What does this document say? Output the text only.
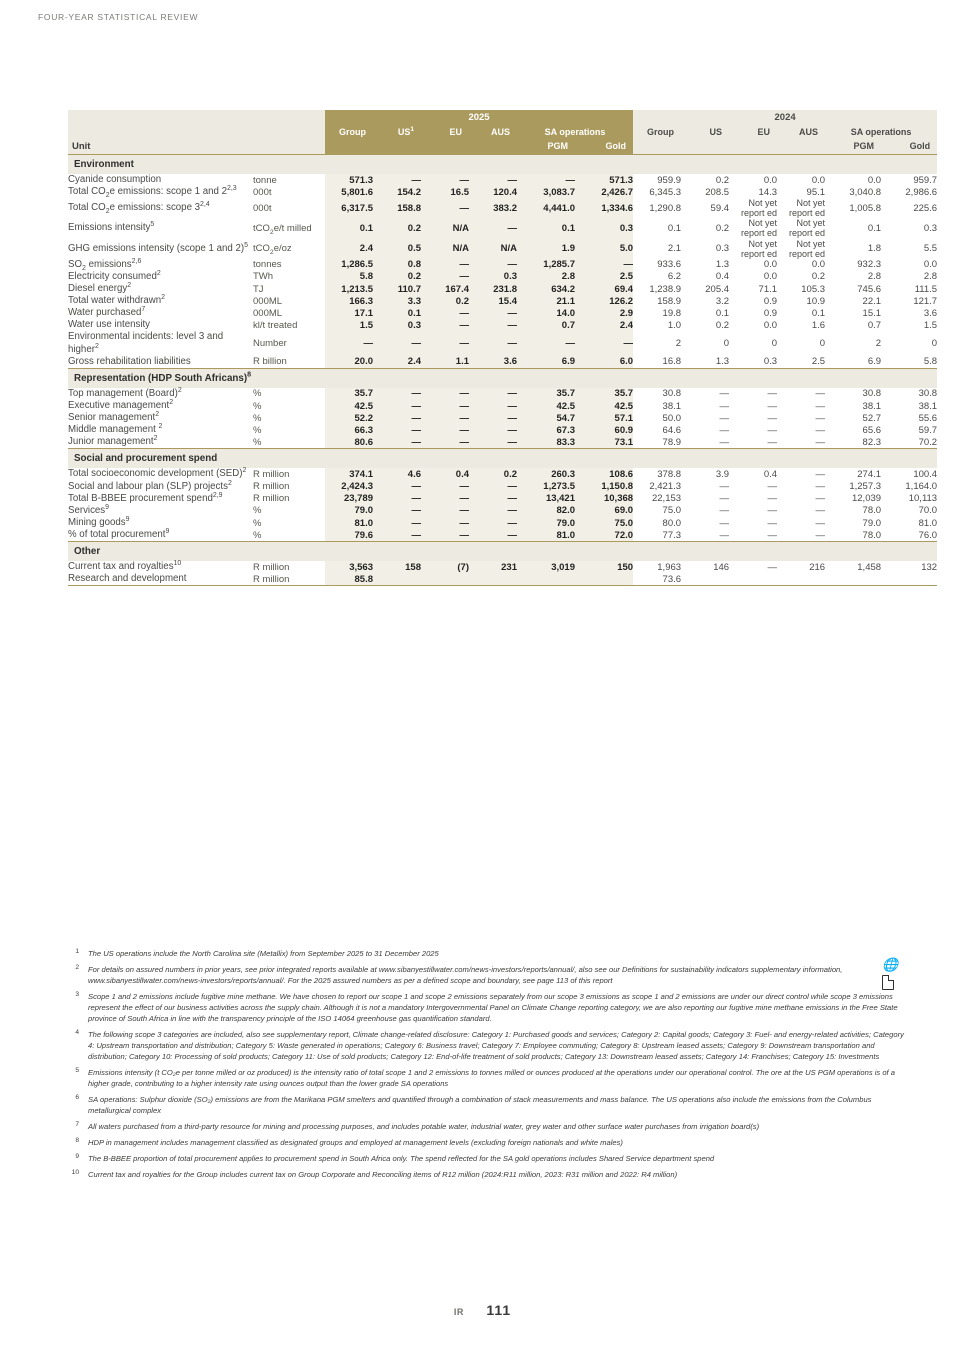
FOUR-YEAR STATISTICAL REVIEW
		2025						2024					
		Group	$US^1$	EU	AUS	SA operations		Group	US	EU	AUS	SA operations	
Unit						PGM	Gold					PGM	Gold
Environment													
Cyanide consumption	tonne	571.3	—	—	—	—	571.3	959.9	0.2	0.0	0.0	0.0	959.7
Total $CO_2e$ emissions: scope 1 and 2$^{2,3}$	000t	5,801.6	154.2	16.5	120.4	3,083.7	2,426.7	6,345.3	208.5	14.3	95.1	3,040.8	2,986.6
Total $CO_2e$ emissions: scope 3$^{2,4}$	000t	6,317.5	158.8	—	383.2	4,441.0	1,334.6	1,290.8	59.4	Not yet report ed	Not yet report ed	1,005.8	225.6
Emissions intensity$^5$	tCO$_2$e/t milled	0.1	0.2	N/A	—	0.1	0.3	0.1	0.2	Not yet report ed	Not yet report ed	0.1	0.3
GHG emissions intensity (scope 1 and 2)$^5$	tCO$_2$e/oz	2.4	0.5	N/A	N/A	1.9	5.0	2.1	0.3	Not yet report ed	Not yet report ed	1.8	5.5
$SO_2$ emissions$^{2,6}$	tonnes	1,286.5	0.8	—	—	1,285.7	—	933.6	1.3	0.0	0.0	932.3	0.0
Electricity consumed$^2$	TWh	5.8	0.2	—	0.3	2.8	2.5	6.2	0.4	0.0	0.2	2.8	2.8
Diesel energy$^2$	TJ	1,213.5	110.7	167.4	231.8	634.2	69.4	1,238.9	205.4	71.1	105.3	745.6	111.5
Total water withdrawn$^2$	000ML	166.3	3.3	0.2	15.4	21.1	126.2	158.9	3.2	0.9	10.9	22.1	121.7
Water purchased$^7$	000ML	17.1	0.1	—	—	14.0	2.9	19.8	0.1	0.9	0.1	15.1	3.6
Water use intensity	kl/t treated	1.5	0.3	—	—	0.7	2.4	1.0	0.2	0.0	1.6	0.7	1.5
Environmental incidents: level 3 and higher$^2$	Number	—	—	—	—	—	—	2	0	0	0	2	0
Gross rehabilitation liabilities	R billion	20.0	2.4	1.1	3.6	6.9	6.0	16.8	1.3	0.3	2.5	6.9	5.8
Representation (HDP South Africans)$^8$	
Top management (Board)$^2$	%	35.7	—	—	—	35.7	35.7	30.8	—	—	—	30.8	30.8
Executive management$^2$	%	42.5	—	—	—	42.5	42.5	38.1	—	—	—	38.1	38.1
Senior management$^2$	%	52.2	—	—	—	54.7	57.1	50.0	—	—	—	52.7	55.6
Middle management $^2$	%	66.3	—	—	—	67.3	60.9	64.6	—	—	—	65.6	59.7
Junior management$^2$	%	80.6	—	—	—	83.3	73.1	78.9	—	—	—	82.3	70.2
Social and procurement spend													
Total socioeconomic development (SED)$^2$	R million	374.1	4.6	0.4	0.2	260.3	108.6	378.8	3.9	0.4	—	274.1	100.4
Social and labour plan (SLP) projects$^2$	R million	2,424.3	—	—	—	1,273.5	1,150.8	2,421.3	—	—	—	1,257.3	1,164.0
Total B-BBEE procurement spend$^{2,9}$	R million	23,789	—	—	—	13,421	10,368	22,153	—	—	—	12,039	10,113
Services$^9$	%	79.0	—	—	—	82.0	69.0	75.0	—	—	—	78.0	70.0
Mining goods$^9$	%	81.0	—	—	—	79.0	75.0	80.0	—	—	—	79.0	81.0
% of total procurement$^9$	%	79.6	—	—	—	81.0	72.0	77.3	—	—	—	78.0	76.0
Other													
Current tax and royalties$^{10}$	R million	3,563	158	(7)	231	3,019	150	1,963	146	—	216	1,458	132
Research and development	R million	85.8						73.6					
🌐
1	The US operations include the North Carolina site (Metallix) from September 2025 to 31 December 2025
2	For details on assured numbers in prior years, see prior integrated reports available at www.sibanyestillwater.com/news-investors/reports/annual/, also see our Definitions for sustainability indicators supplementary information, www.sibanyestillwater.com/news-investors/reports/annual/. For the 2025 assured numbers as per a defined scope and boundary, see page 113 of this report
3	Scope 1 and 2 emissions include fugitive mine methane. We have chosen to report our scope 1 and scope 2 emissions separately from our scope 3 emissions as scope 1 and 2 emissions are under our direct control while scope 3 emissions represent the effect of our business activities across the supply chain. Although it is not a mandatory Intergovernmental Panel on Climate Change reporting category, we are also reporting our fugitive mine methane emissions in the Free State province of South Africa in line with the transparency principle of the ISO 14064 greenhouse gas quantification standard.
4	The following scope 3 categories are included, also see supplementary report, Climate change-related disclosure: Category 1: Purchased goods and services; Category 2: Capital goods; Category 3: Fuel- and energy-related activities; Category 4: Upstream transportation and distribution; Category 5: Waste generated in operations; Category 6: Business travel; Category 7: Employee commuting; Category 8: Upstream leased assets; Category 9: Downstream transportation and distribution; Category 10: Processing of sold products; Category 11: Use of sold products; Category 12: End-of-life treatment of sold products; Category 13: Downstream leased assets; Category 14: Franchises; Category 15: Investments
5	Emissions intensity (t CO₂e per tonne milled or oz produced) is the intensity ratio of total scope 1 and 2 emissions to tonnes milled or ounces produced at the operations under our operational control. The ore at the US PGM operations is of a higher grade, contributing to a higher intensity rate using ounces output than the lower grade SA operations
6	SA operations: Sulphur dioxide (SO₂) emissions are from the Marikana PGM smelters and quantified through a combination of stack measurements and mass balance. The US operations also include the emissions from the Columbus metallurgical complex
7	All waters purchased from a third-party resource for mining and processing purposes, and includes potable water, industrial water, grey water and other surface water purchases from irrigation board(s)
8	HDP in management includes management classified as designated groups and employed at management levels (excluding foreign nationals and white males)
9	The B-BBEE proportion of total procurement applies to procurement spend in South Africa only. The spend reflected for the SA gold operations includes Shared Service department spend
10	Current tax and royalties for the Group includes current tax on Group Corporate and Reconciling items of R12 million (2024:R11 million, 2023: R31 million and 2022: R4 million)
IR 111
